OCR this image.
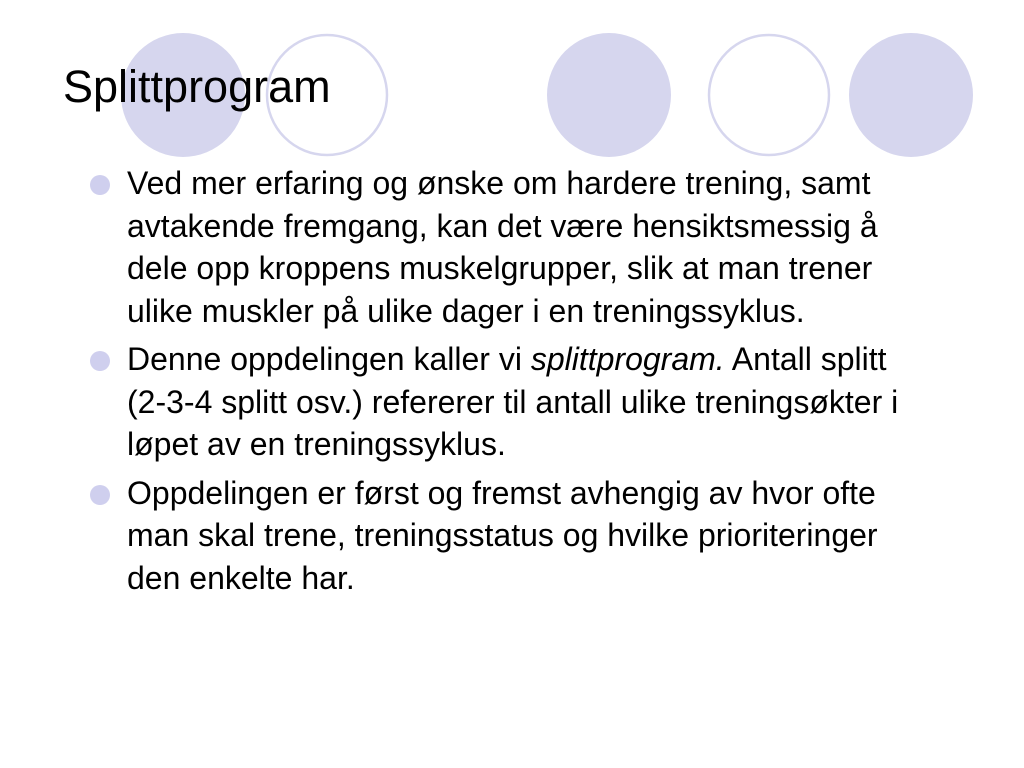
Splittprogram
Ved mer erfaring og ønske om hardere trening, samt avtakende fremgang, kan det være hensiktsmessig å dele opp kroppens muskelgrupper, slik at man trener ulike muskler på ulike dager i en treningssyklus.
Denne oppdelingen kaller vi splittprogram. Antall splitt (2-3-4 splitt osv.) refererer til antall ulike treningsøkter i løpet av en treningssyklus.
Oppdelingen er først og fremst avhengig av hvor ofte man skal trene, treningsstatus og hvilke prioriteringer den enkelte har.
